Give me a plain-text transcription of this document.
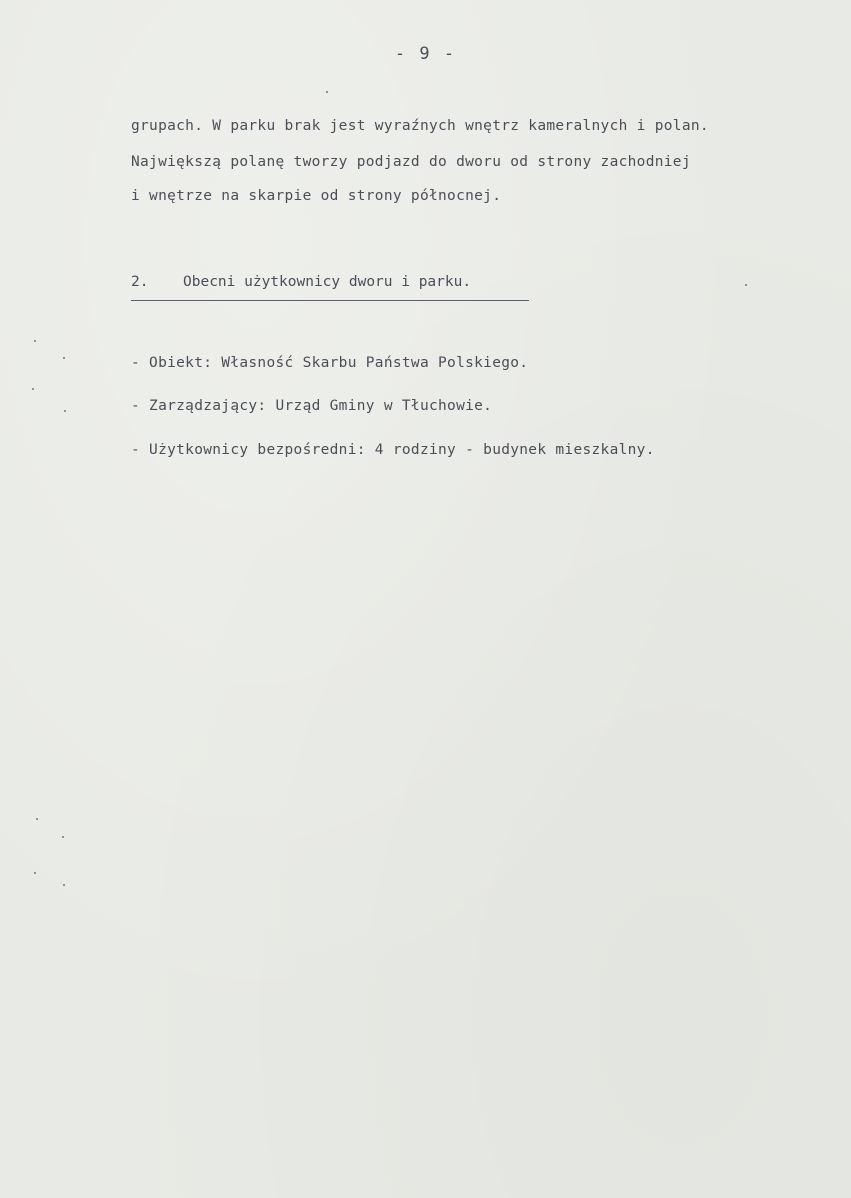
- 9 -
grupach. W parku brak jest wyraźnych wnętrz kameralnych i polan.
Największą polanę tworzy podjazd do dworu od strony zachodniej
i wnętrze na skarpie od strony północnej.
2. Obecni użytkownicy dworu i parku.
- Obiekt: Własność Skarbu Państwa Polskiego.
- Zarządzający: Urząd Gminy w Tłuchowie.
- Użytkownicy bezpośredni: 4 rodziny - budynek mieszkalny.
